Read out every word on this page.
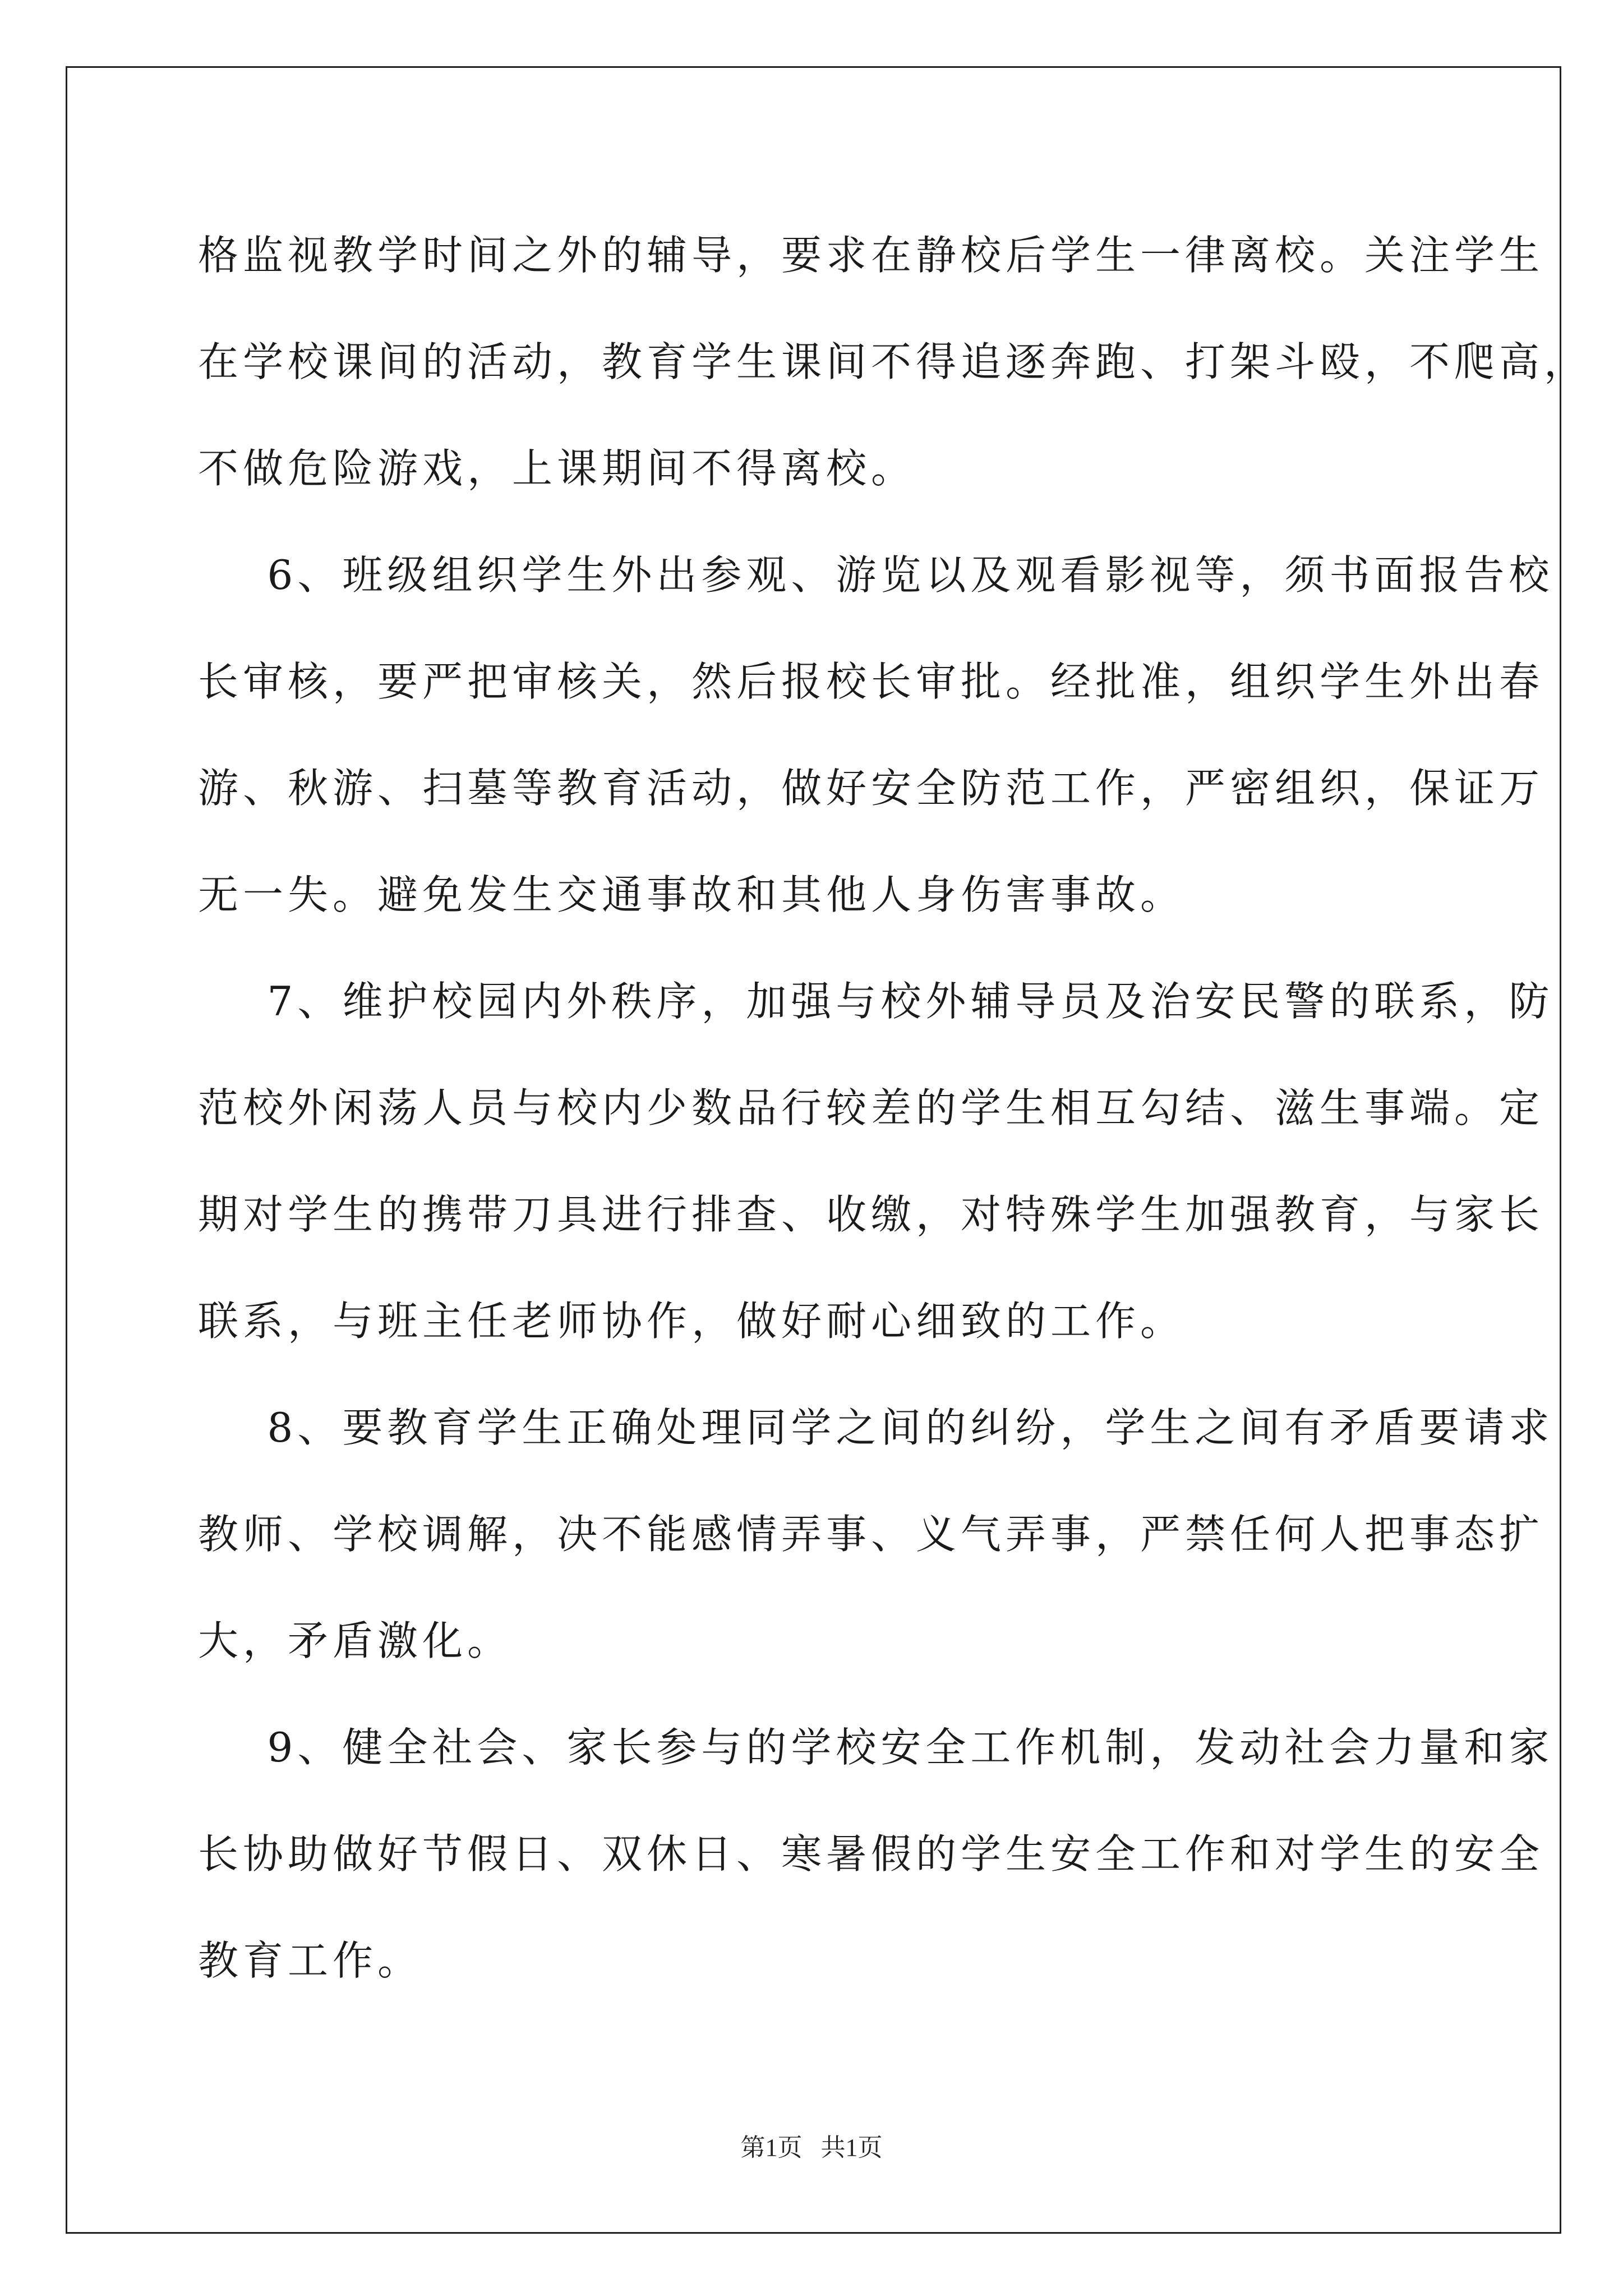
格监视教学时间之外的辅导，要求在静校后学生一律离校。关注学生
在学校课间的活动，教育学生课间不得追逐奔跑、打架斗殴，不爬高，
不做危险游戏，上课期间不得离校。
6、班级组织学生外出参观、游览以及观看影视等，须书面报告校
长审核，要严把审核关，然后报校长审批。经批准，组织学生外出春
游、秋游、扫墓等教育活动，做好安全防范工作，严密组织，保证万
无一失。避免发生交通事故和其他人身伤害事故。
7、维护校园内外秩序，加强与校外辅导员及治安民警的联系，防
范校外闲荡人员与校内少数品行较差的学生相互勾结、滋生事端。定
期对学生的携带刀具进行排查、收缴，对特殊学生加强教育，与家长
联系，与班主任老师协作，做好耐心细致的工作。
8、要教育学生正确处理同学之间的纠纷，学生之间有矛盾要请求
教师、学校调解，决不能感情弄事、义气弄事，严禁任何人把事态扩
大，矛盾激化。
9、健全社会、家长参与的学校安全工作机制，发动社会力量和家
长协助做好节假日、双休日、寒暑假的学生安全工作和对学生的安全
教育工作。
第1页   共1页
